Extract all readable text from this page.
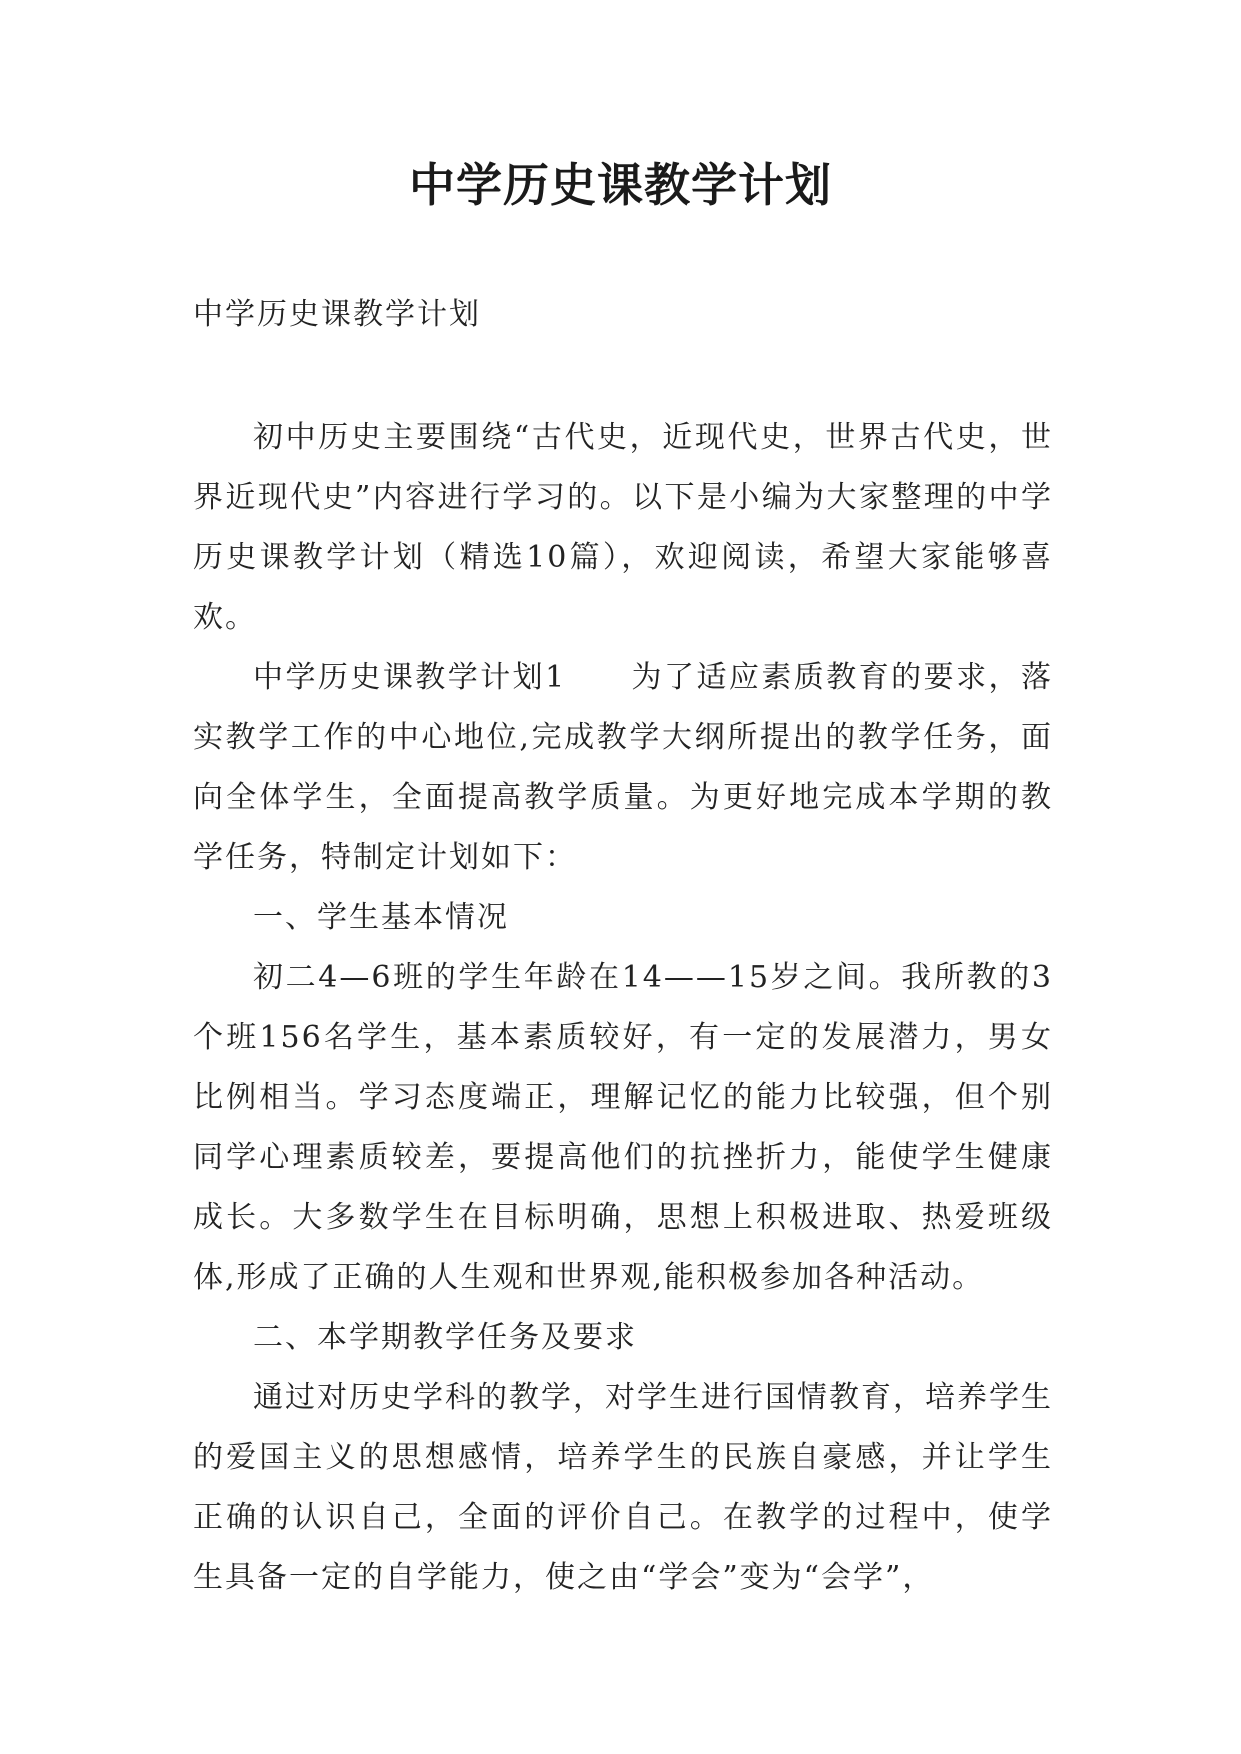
中学历史课教学计划

中学历史课教学计划

初中历史主要围绕“古代史，近现代史，世界古代史，世界近现代史”内容进行学习的。以下是小编为大家整理的中学历史课教学计划（精选10篇），欢迎阅读，希望大家能够喜欢。

中学历史课教学计划1　　为了适应素质教育的要求，落实教学工作的中心地位,完成教学大纲所提出的教学任务，面向全体学生，全面提高教学质量。为更好地完成本学期的教学任务，特制定计划如下：

一、学生基本情况

初二4—6班的学生年龄在14——15岁之间。我所教的3个班156名学生，基本素质较好，有一定的发展潜力，男女比例相当。学习态度端正，理解记忆的能力比较强，但个别同学心理素质较差，要提高他们的抗挫折力，能使学生健康成长。大多数学生在目标明确，思想上积极进取、热爱班级体,形成了正确的人生观和世界观,能积极参加各种活动。

二、本学期教学任务及要求

通过对历史学科的教学，对学生进行国情教育，培养学生的爱国主义的思想感情，培养学生的民族自豪感，并让学生正确的认识自己，全面的评价自己。在教学的过程中，使学生具备一定的自学能力，使之由“学会”变为“会学”，
